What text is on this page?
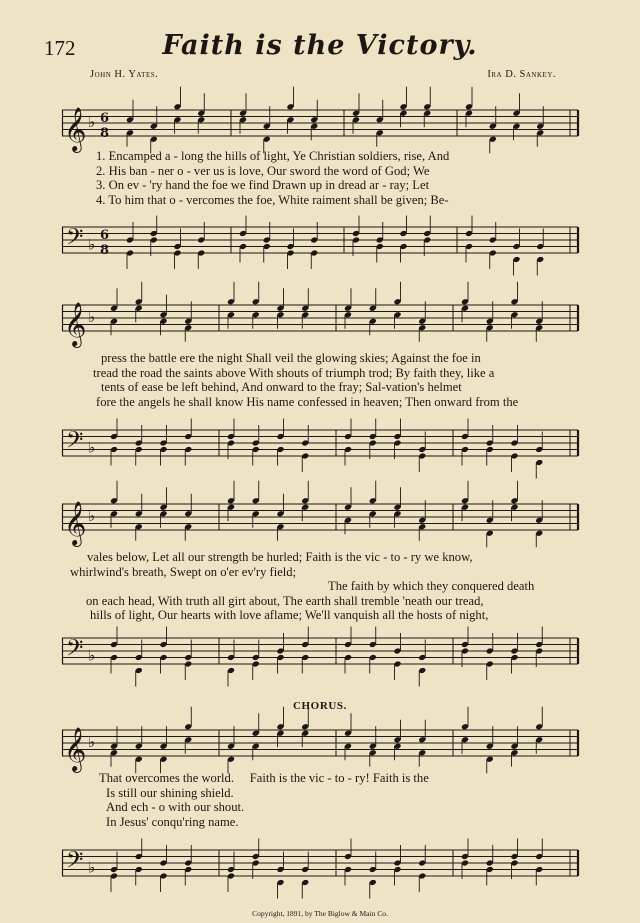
172	Faith is the Victory.
John H. Yates.	Ira D. Sankey.
𝄞 ♭ 6
8
1. Encamped a - long the hills of light, Ye Christian soldiers, rise, And
2. His ban - ner o - ver us is love, Our sword the word of God; We
3. On ev - 'ry hand the foe we find Drawn up in dread ar - ray; Let
4. To him that o - vercomes the foe, White raiment shall be given; Be-
𝄢 ♭ 6
8
𝄞 ♭
press the battle ere the night Shall veil the glowing skies; Against the foe in
tread the road the saints above With shouts of triumph trod; By faith they, like a
tents of ease be left behind, And onward to the fray; Sal-vation's helmet
fore the angels he shall know His name confessed in heaven; Then onward from the
𝄢 ♭
𝄞 ♭
vales below, Let all our strength be hurled; Faith is the vic - to - ry we know,
whirlwind's breath, Swept on o'er ev'ry field;
The faith by which they conquered death
on each head, With truth all girt about, The earth shall tremble 'neath our tread,
hills of light, Our hearts with love aflame; We'll vanquish all the hosts of night,
𝄢 ♭
CHORUS.
𝄞 ♭
That overcomes the world.     Faith is the vic - to - ry! Faith is the
Is still our shining shield.
And ech - o with our shout.
In Jesus' conqu'ring name.
𝄢 ♭
Copyright, 1891, by The Biglow & Main Co.
